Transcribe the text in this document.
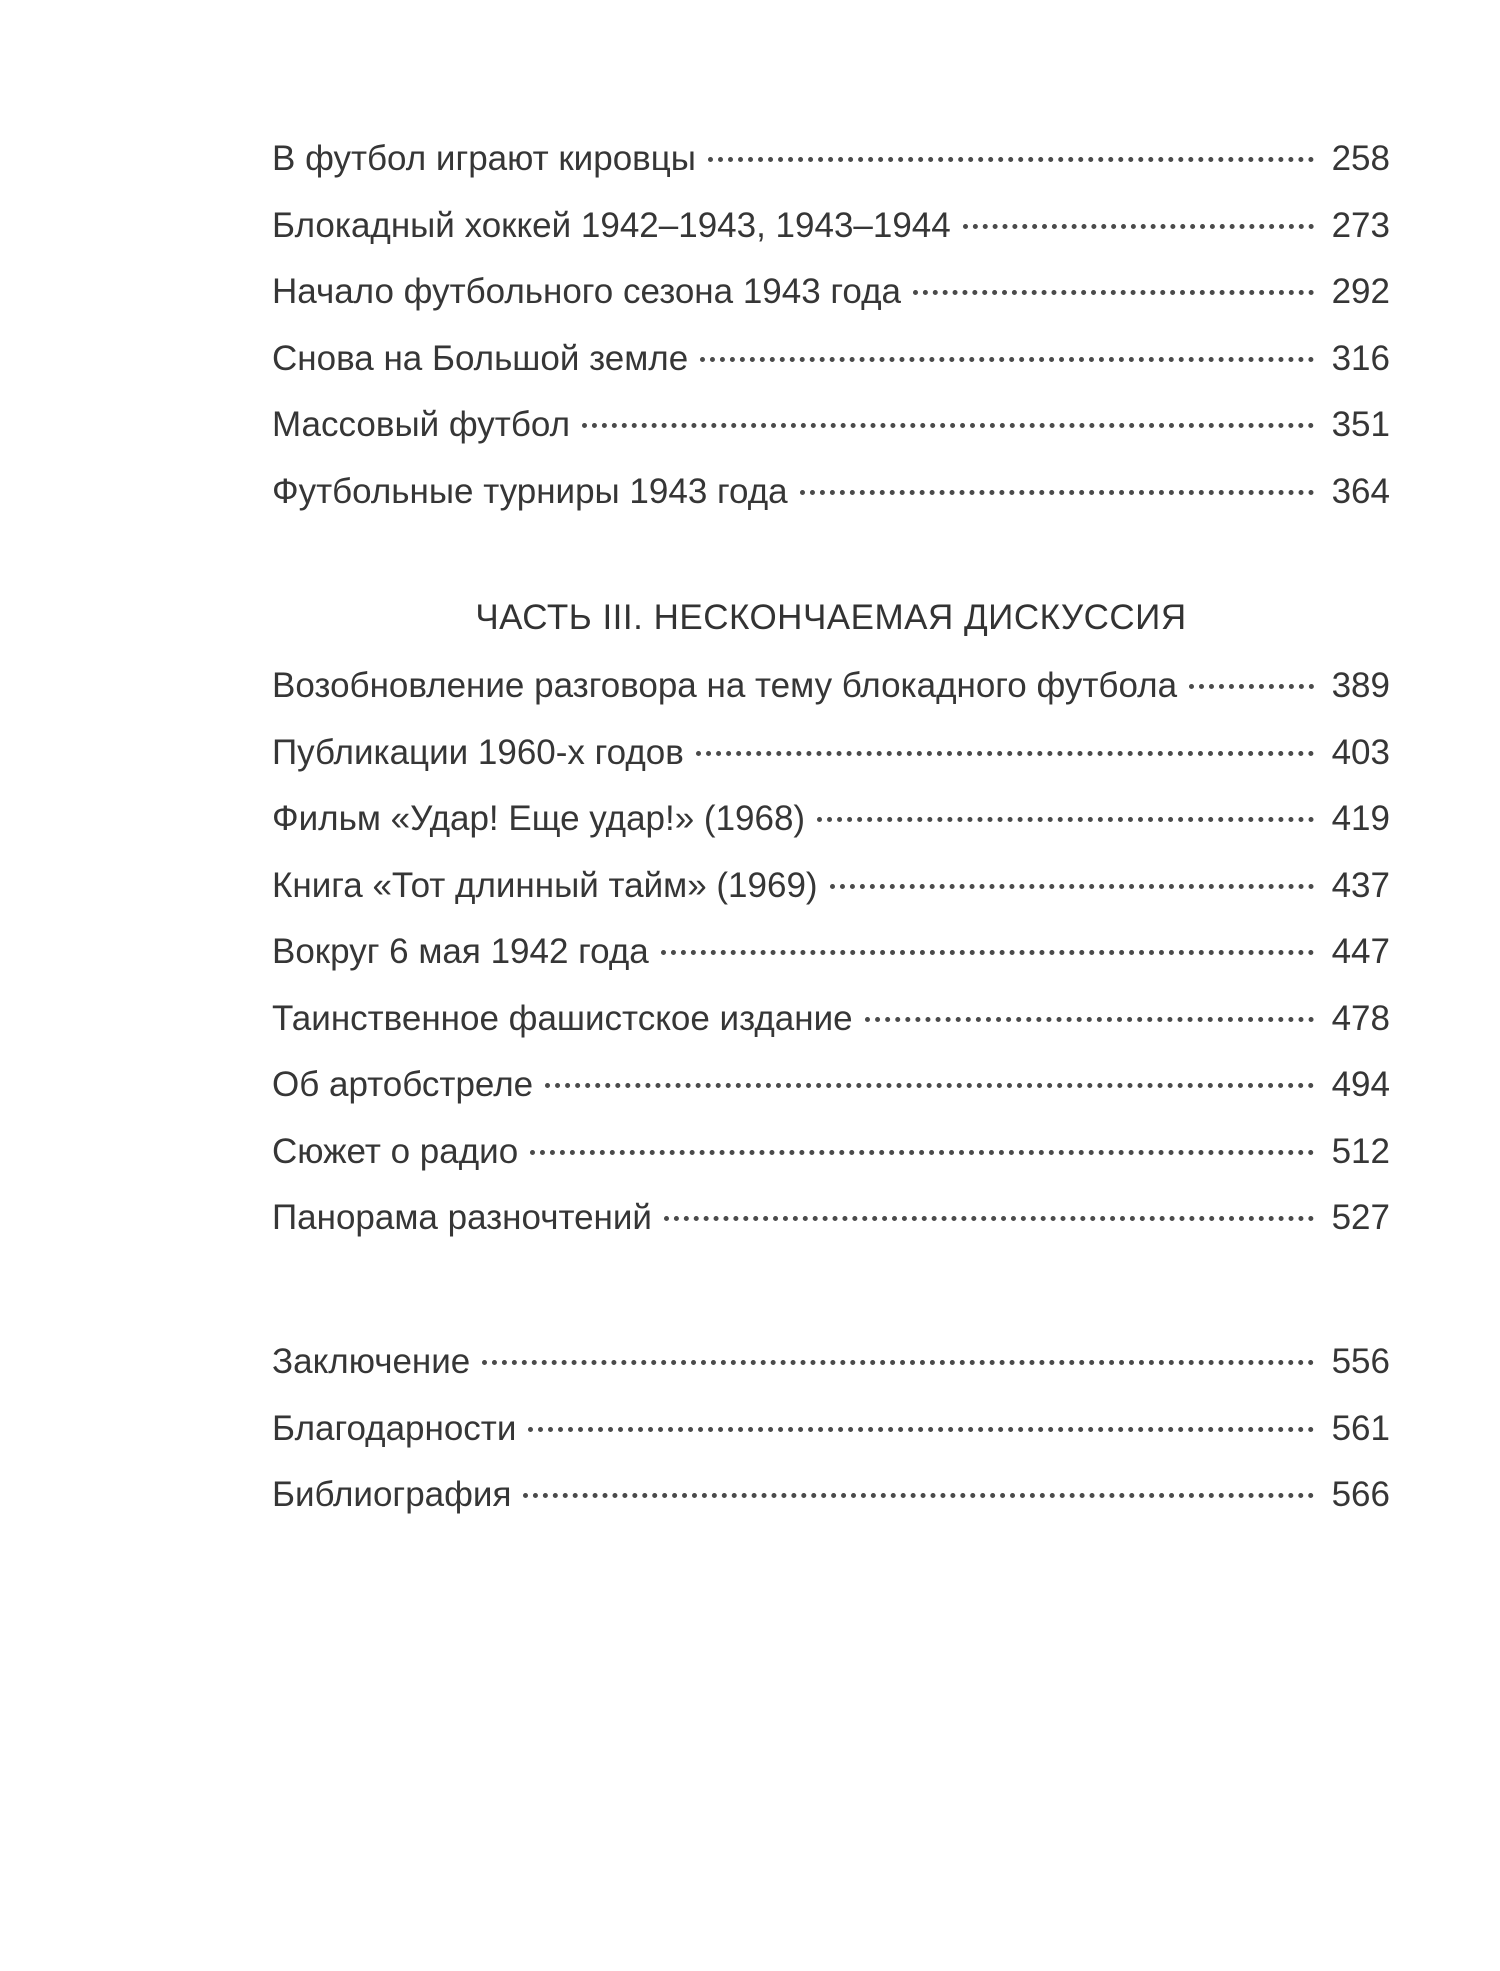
В футбол играют кировцы	258
Блокадный хоккей 1942–1943, 1943–1944	273
Начало футбольного сезона 1943 года	292
Снова на Большой земле	316
Массовый футбол	351
Футбольные турниры 1943 года	364
ЧАСТЬ III. НЕСКОНЧАЕМАЯ ДИСКУССИЯ
Возобновление разговора на тему блокадного футбола	389
Публикации 1960-х годов	403
Фильм «Удар! Еще удар!» (1968)	419
Книга «Тот длинный тайм» (1969)	437
Вокруг 6 мая 1942 года	447
Таинственное фашистское издание	478
Об артобстреле	494
Сюжет о радио	512
Панорама разночтений	527
Заключение	556
Благодарности	561
Библиография	566
